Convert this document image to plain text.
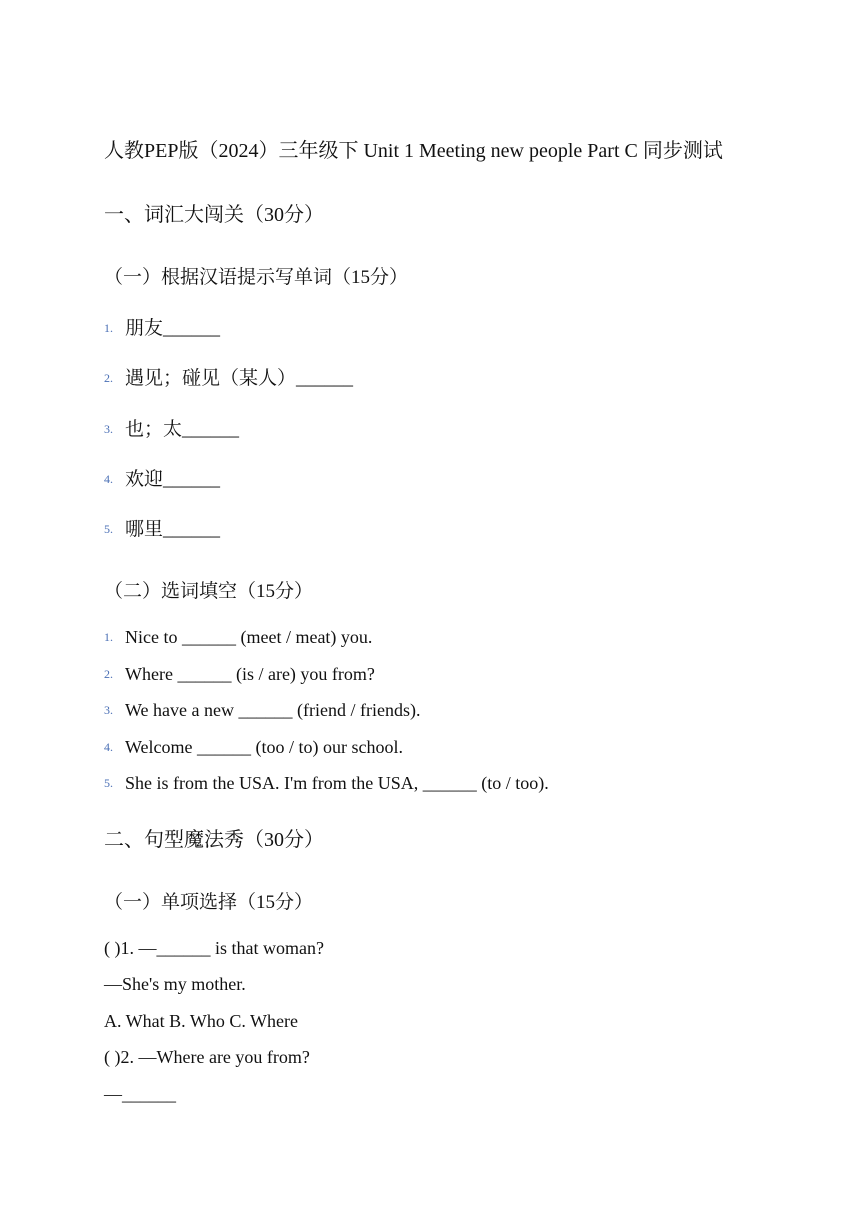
人教PEP版（2024）三年级下 Unit 1 Meeting new people Part C 同步测试
一、词汇大闯关（30分）
（一）根据汉语提示写单词（15分）
1. 朋友______
2. 遇见；碰见（某人）______
3. 也；太______
4. 欢迎______
5. 哪里______
（二）选词填空（15分）
1. Nice to ______ (meet / meat) you.
2. Where ______ (is / are) you from?
3. We have a new ______ (friend / friends).
4. Welcome ______ (too / to) our school.
5. She is from the USA. I'm from the USA, ______ (to / too).
二、句型魔法秀（30分）
（一）单项选择（15分）
( )1. —______ is that woman?
—She's my mother.
A. What B. Who C. Where
( )2. —Where are you from?
—______
